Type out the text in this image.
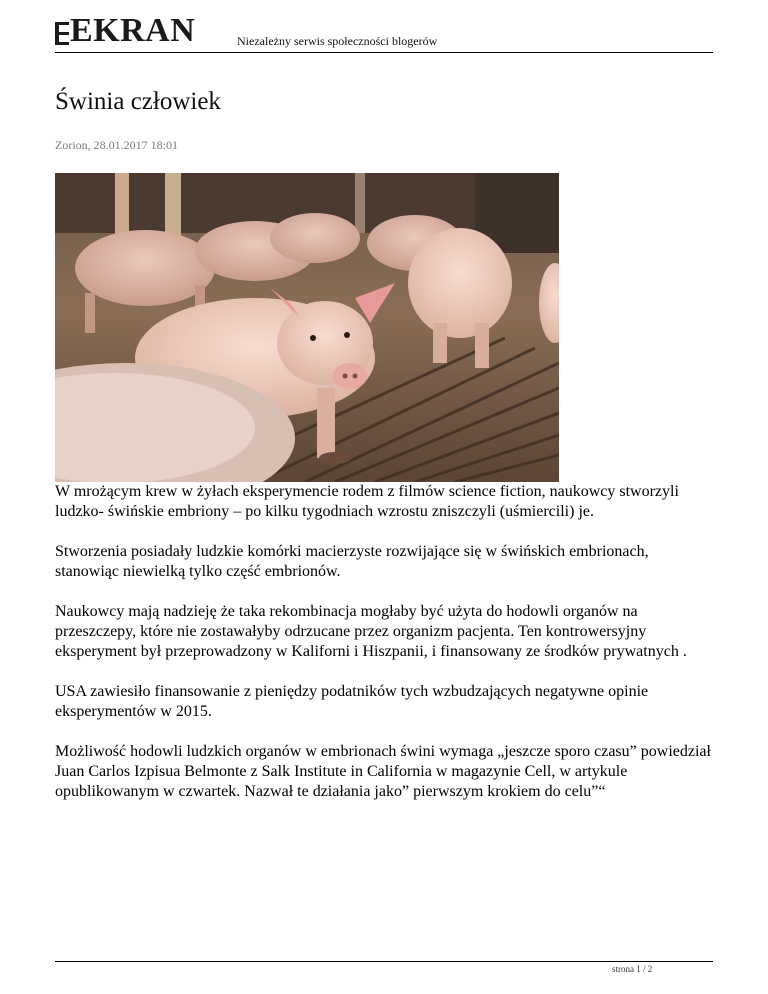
EKRAN	Niezależny serwis społeczności blogerów
Świnia człowiek
Zorion, 28.01.2017 18:01

W mrożącym krew w żyłach eksperymencie rodem z filmów science fiction, naukowcy stworzyli ludzko- świńskie embriony – po kilku tygodniach wzrostu zniszczyli (uśmiercili) je.

Stworzenia posiadały ludzkie komórki macierzyste rozwijające się w świńskich embrionach, stanowiąc niewielką tylko część embrionów.

Naukowcy mają nadzieję że taka rekombinacja mogłaby być użyta do hodowli organów na przeszczepy, które nie zostawałyby odrzucane przez organizm pacjenta. Ten kontrowersyjny eksperyment był przeprowadzony w Kaliforni i Hiszpanii, i finansowany ze środków prywatnych .

USA zawiesiło finansowanie z pieniędzy podatników tych wzbudzających negatywne opinie eksperymentów w 2015.

Możliwość hodowli ludzkich organów w embrionach świni wymaga „jeszcze sporo czasu” powiedział Juan Carlos Izpisua Belmonte z Salk Institute in California w magazynie Cell, w artykule opublikowanym w czwartek. Nazwał te działania jako” pierwszym krokiem do celu”“

strona 1 / 2
